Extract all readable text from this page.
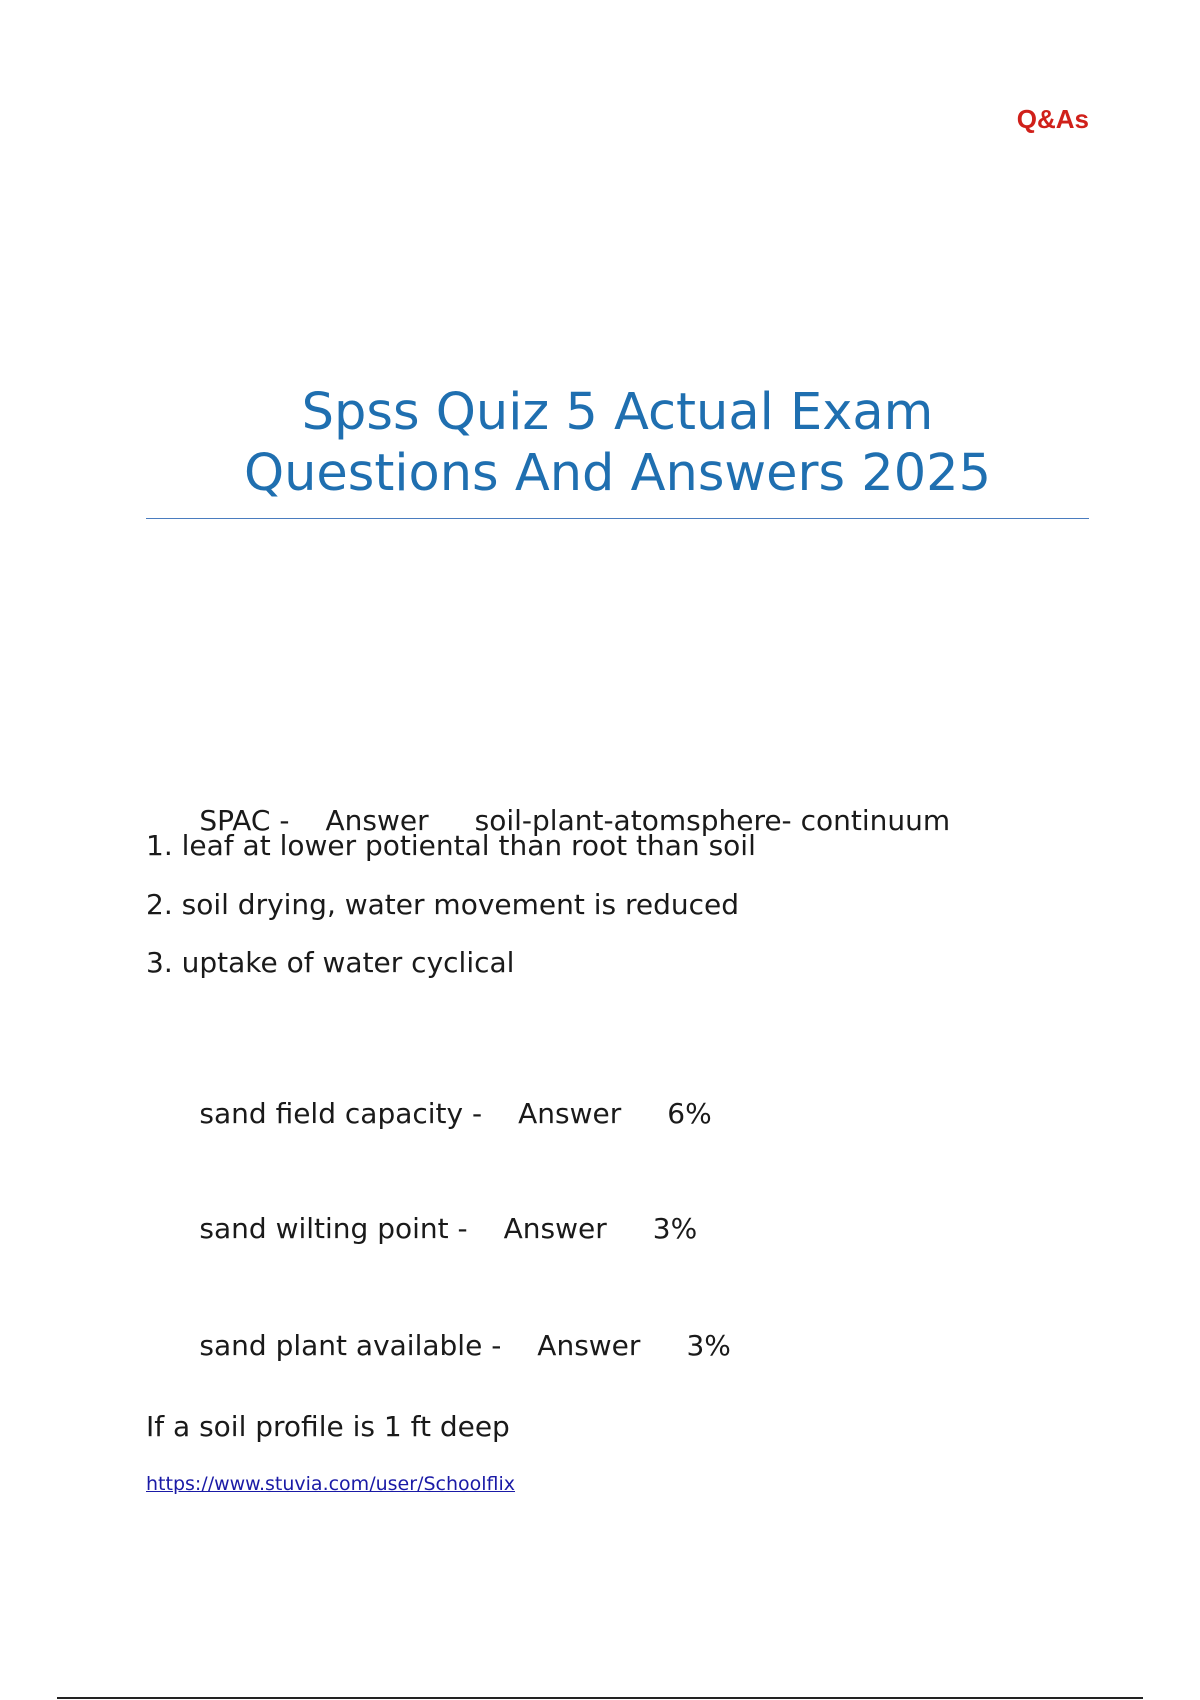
Q&As
Spss Quiz 5 Actual Exam
Questions And Answers 2025

SPAC - Answer soil-plant-atomsphere- continuum

1. leaf at lower potiental than root than soil
2. soil drying, water movement is reduced
3. uptake of water cyclical

sand field capacity - Answer 6%

sand wilting point - Answer 3%

sand plant available - Answer 3%

If a soil profile is 1 ft deep
https://www.stuvia.com/user/Schoolflix
